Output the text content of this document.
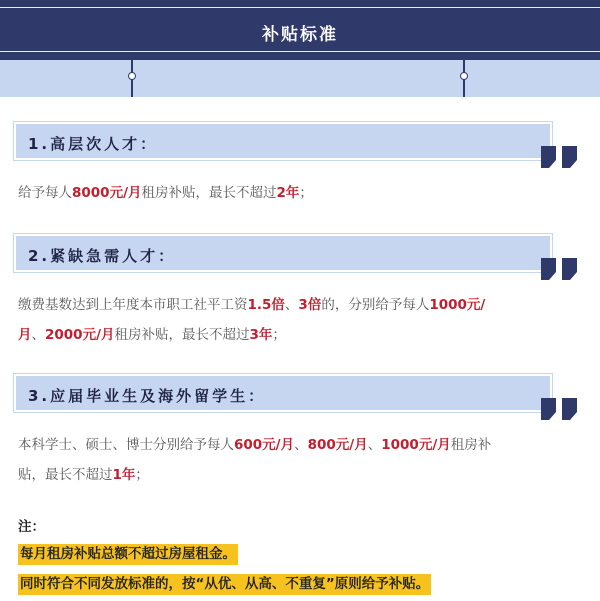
补贴标准
1.高层次人才：
给予每人8000元/月租房补贴，最长不超过2年；
2.紧缺急需人才：
缴费基数达到上年度本市职工社平工资1.5倍、3倍的，分别给予每人1000元/
月、2000元/月租房补贴，最长不超过3年；
3.应届毕业生及海外留学生：
本科学士、硕士、博士分别给予每人600元/月、800元/月、1000元/月租房补
贴，最长不超过1年；
注：
每月租房补贴总额不超过房屋租金。
同时符合不同发放标准的，按“从优、从高、不重复”原则给予补贴。
